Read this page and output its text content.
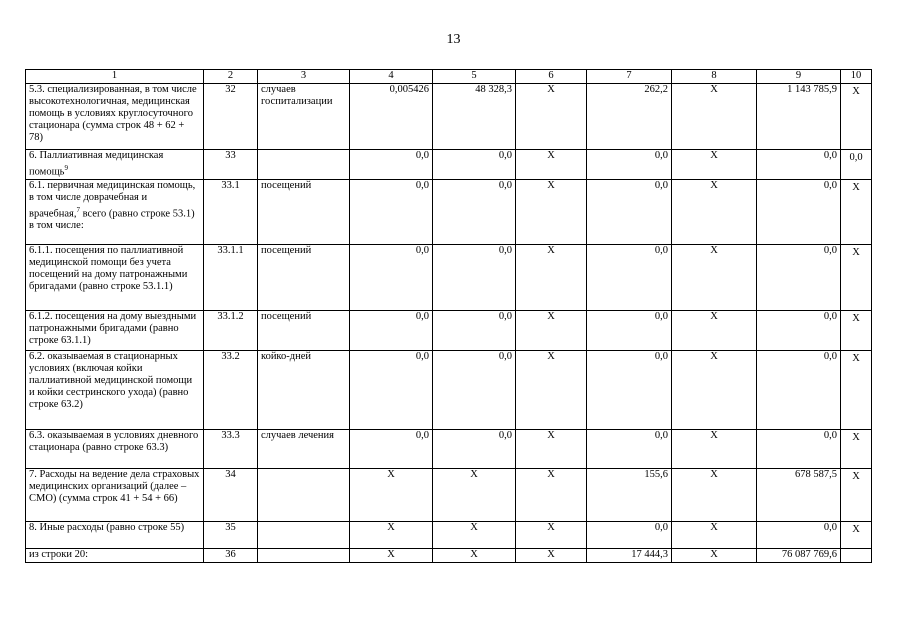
13
1	2	3	4	5	6	7	8	9	10
5.3. специализированная, в том числе высокотехнологичная, медицинская помощь в условиях круглосуточного стационара (сумма строк 48 + 62 + 78)	32	случаев госпитализации	0,005426	48 328,3	X	262,2	X	1 143 785,9	X

6. Паллиативная медицинская помощь$^9$	33		0,0	0,0	X	0,0	X	0,0	0,0

6.1. первичная медицинская помощь, в том числе доврачебная и врачебная,$^7$ всего (равно строке 53.1) в том числе:	33.1	посещений	0,0	0,0	X	0,0	X	0,0	X

6.1.1. посещения по паллиативной медицинской помощи без учета посещений на дому патронажными бригадами (равно строке 53.1.1)	33.1.1	посещений	0,0	0,0	X	0,0	X	0,0	X

6.1.2. посещения на дому выездными патронажными бригадами (равно строке 63.1.1)	33.1.2	посещений	0,0	0,0	X	0,0	X	0,0	X

6.2. оказываемая в стационарных условиях (включая койки паллиативной медицинской помощи и койки сестринского ухода) (равно строке 63.2)	33.2	койко-дней	0,0	0,0	X	0,0	X	0,0	X

6.3. оказываемая в условиях дневного стационара (равно строке 63.3)	33.3	случаев лечения	0,0	0,0	X	0,0	X	0,0	X

7. Расходы на ведение дела страховых медицинских организаций (далее – СМО) (сумма строк 41 + 54 + 66)	34		X	X	X	155,6	X	678 587,5	X

8. Иные расходы (равно строке 55)	35		X	X	X	0,0	X	0,0	X

из строки 20:	36		X	X	X	17 444,3	X	76 087 769,6	
